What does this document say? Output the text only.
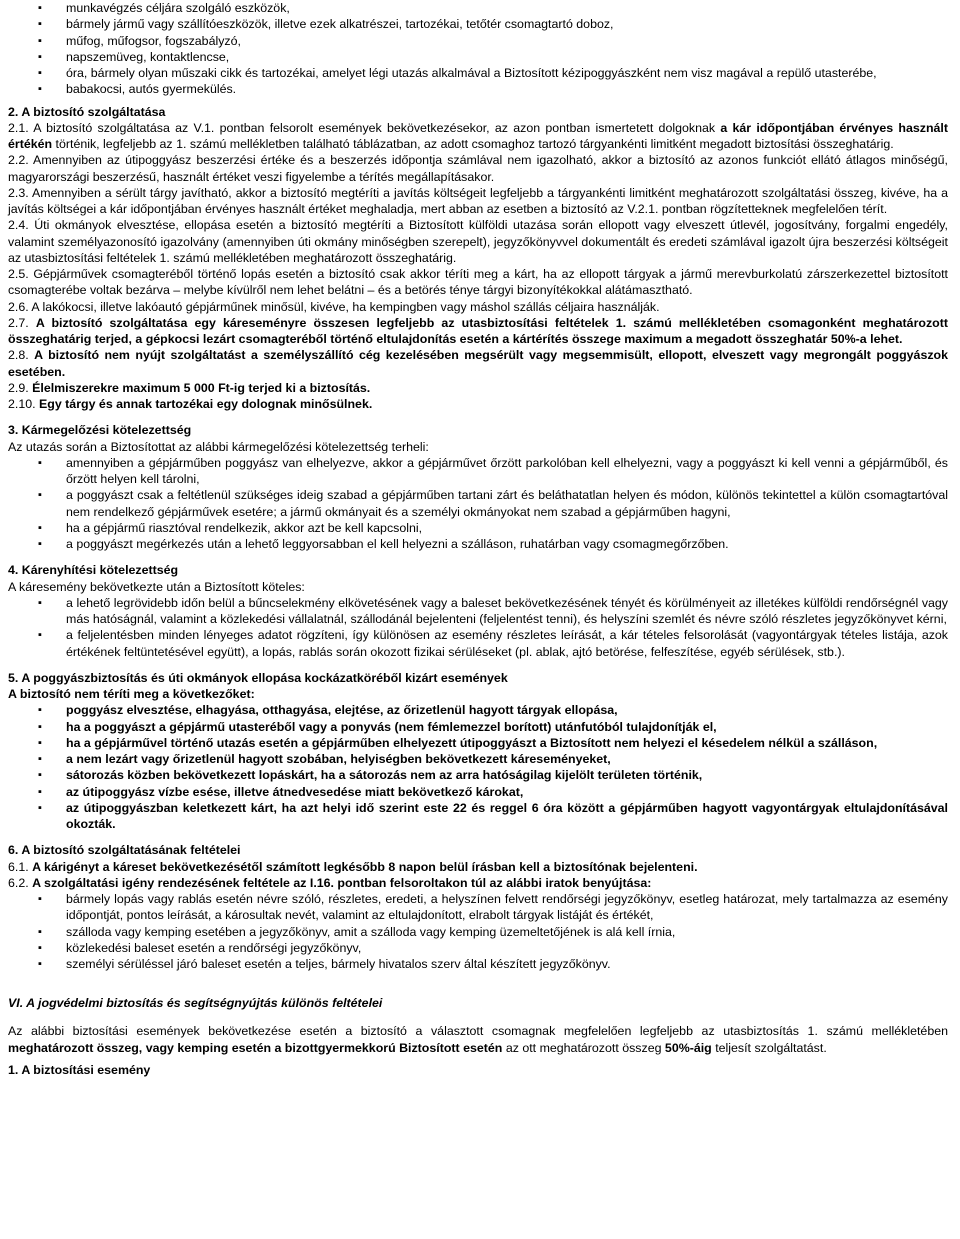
▪ munkavégzés céljára szolgáló eszközök,

▪ bármely jármű vagy szállítóeszközök, illetve ezek alkatrészei, tartozékai, tetőtér csomagtartó doboz,

▪ műfog, műfogsor, fogszabályzó,

▪ napszemüveg, kontaktlencse,

▪ óra, bármely olyan műszaki cikk és tartozékai, amelyet légi utazás alkalmával a Biztosított kézipoggyászként nem visz magával a repülő utasterébe,

▪ babakocsi, autós gyermekülés.

2. A biztosító szolgáltatása

2.1. A biztosító szolgáltatása az V.1. pontban felsorolt események bekövetkezésekor, az azon pontban ismertetett dolgoknak a kár időpontjában érvényes használt értékén történik, legfeljebb az 1. számú mellékletben található táblázatban, az adott csomaghoz tartozó tárgyankénti limitként megadott biztosítási összeghatárig.

2.2. Amennyiben az útipoggyász beszerzési értéke és a beszerzés időpontja számlával nem igazolható, akkor a biztosító az azonos funkciót ellátó átlagos minőségű, magyarországi beszerzésű, használt értéket veszi figyelembe a térítés megállapításakor.

2.3. Amennyiben a sérült tárgy javítható, akkor a biztosító megtéríti a javítás költségeit legfeljebb a tárgyankénti limitként meghatározott szolgáltatási összeg, kivéve, ha a javítás költségei a kár időpontjában érvényes használt értéket meghaladja, mert abban az esetben a biztosító az V.2.1. pontban rögzítetteknek megfelelően térít.

2.4. Úti okmányok elvesztése, ellopása esetén a biztosító megtéríti a Biztosított külföldi utazása során ellopott vagy elveszett útlevél, jogosítvány, forgalmi engedély, valamint személyazonosító igazolvány (amennyiben úti okmány minőségben szerepelt), jegyzőkönyvvel dokumentált és eredeti számlával igazolt újra beszerzési költségeit az utasbiztosítási feltételek 1. számú mellékletében meghatározott összeghatárig.

2.5. Gépjárművek csomagteréből történő lopás esetén a biztosító csak akkor téríti meg a kárt, ha az ellopott tárgyak a jármű merevburkolatú zárszerkezettel biztosított csomagterébe voltak bezárva – melybe kívülről nem lehet belátni – és a betörés ténye tárgyi bizonyítékokkal alátámasztható.

2.6. A lakókocsi, illetve lakóautó gépjárműnek minősül, kivéve, ha kempingben vagy máshol szállás céljaira használják.

2.7. A biztosító szolgáltatása egy káreseményre összesen legfeljebb az utasbiztosítási feltételek 1. számú mellékletében csomagonként meghatározott összeghatárig terjed, a gépkocsi lezárt csomagteréből történő eltulajdonítás esetén a kártérítés összege maximum a megadott összeghatár 50%-a lehet.

2.8. A biztosító nem nyújt szolgáltatást a személyszállító cég kezelésében megsérült vagy megsemmisült, ellopott, elveszett vagy megrongált poggyászok esetében.

2.9. Élelmiszerekre maximum 5 000 Ft-ig terjed ki a biztosítás.

2.10. Egy tárgy és annak tartozékai egy dolognak minősülnek.

3. Kármegelőzési kötelezettség

Az utazás során a Biztosítottat az alábbi kármegelőzési kötelezettség terheli:

▪ amennyiben a gépjárműben poggyász van elhelyezve, akkor a gépjárművet őrzött parkolóban kell elhelyezni, vagy a poggyászt ki kell venni a gépjárműből, és őrzött helyen kell tárolni,

▪ a poggyászt csak a feltétlenül szükséges ideig szabad a gépjárműben tartani zárt és beláthatatlan helyen és módon, különös tekintettel a külön csomagtartóval nem rendelkező gépjárművek esetére; a jármű okmányait és a személyi okmányokat nem szabad a gépjárműben hagyni,

▪ ha a gépjármű riasztóval rendelkezik, akkor azt be kell kapcsolni,

▪ a poggyászt megérkezés után a lehető leggyorsabban el kell helyezni a szálláson, ruhatárban vagy csomagmegőrzőben.

4. Kárenyhítési kötelezettség

A káresemény bekövetkezte után a Biztosított köteles:

▪ a lehető legrövidebb időn belül a bűncselekmény elkövetésének vagy a baleset bekövetkezésének tényét és körülményeit az illetékes külföldi rendőrségnél vagy más hatóságnál, valamint a közlekedési vállalatnál, szállodánál bejelenteni (feljelentést tenni), és helyszíni szemlét és névre szóló részletes jegyzőkönyvet kérni,

▪ a feljelentésben minden lényeges adatot rögzíteni, így különösen az esemény részletes leírását, a kár tételes felsorolását (vagyontárgyak tételes listája, azok értékének feltüntetésével együtt), a lopás, rablás során okozott fizikai sérüléseket (pl. ablak, ajtó betörése, felfeszítése, egyéb sérülések, stb.).

5. A poggyászbiztosítás és úti okmányok ellopása kockázatköréből kizárt események

A biztosító nem téríti meg a következőket:

▪ poggyász elvesztése, elhagyása, otthagyása, elejtése, az őrizetlenül hagyott tárgyak ellopása,

▪ ha a poggyászt a gépjármű utasteréből vagy a ponyvás (nem fémlemezzel borított) utánfutóból tulajdonítják el,

▪ ha a gépjárművel történő utazás esetén a gépjárműben elhelyezett útipoggyászt a Biztosított nem helyezi el késedelem nélkül a szálláson,

▪ a nem lezárt vagy őrizetlenül hagyott szobában, helyiségben bekövetkezett káreseményeket,

▪ sátorozás közben bekövetkezett lopáskárt, ha a sátorozás nem az arra hatóságilag kijelölt területen történik,

▪ az útipoggyász vízbe esése, illetve átnedvesedése miatt bekövetkező károkat,

▪ az útipoggyászban keletkezett kárt, ha azt helyi idő szerint este 22 és reggel 6 óra között a gépjárműben hagyott vagyontárgyak eltulajdonításával okozták.

6. A biztosító szolgáltatásának feltételei

6.1. A kárigényt a káreset bekövetkezésétől számított legkésőbb 8 napon belül írásban kell a biztosítónak bejelenteni.

6.2. A szolgáltatási igény rendezésének feltétele az I.16. pontban felsoroltakon túl az alábbi iratok benyújtása:

▪ bármely lopás vagy rablás esetén névre szóló, részletes, eredeti, a helyszínen felvett rendőrségi jegyzőkönyv, esetleg határozat, mely tartalmazza az esemény időpontját, pontos leírását, a károsultak nevét, valamint az eltulajdonított, elrabolt tárgyak listáját és értékét,

▪ szálloda vagy kemping esetében a jegyzőkönyv, amit a szálloda vagy kemping üzemeltetőjének is alá kell írnia,

▪ közlekedési baleset esetén a rendőrségi jegyzőkönyv,

▪ személyi sérüléssel járó baleset esetén a teljes, bármely hivatalos szerv által készített jegyzőkönyv.

VI. A jogvédelmi biztosítás és segítségnyújtás különös feltételei

Az alábbi biztosítási események bekövetkezése esetén a biztosító a választott csomagnak megfelelően legfeljebb az utasbiztosítás 1. számú mellékletében meghatározott összeg, vagy kemping esetén a bizottgyermekkorú Biztosított esetén az ott meghatározott összeg 50%-áig teljesít szolgáltatást.

1. A biztosítási esemény
